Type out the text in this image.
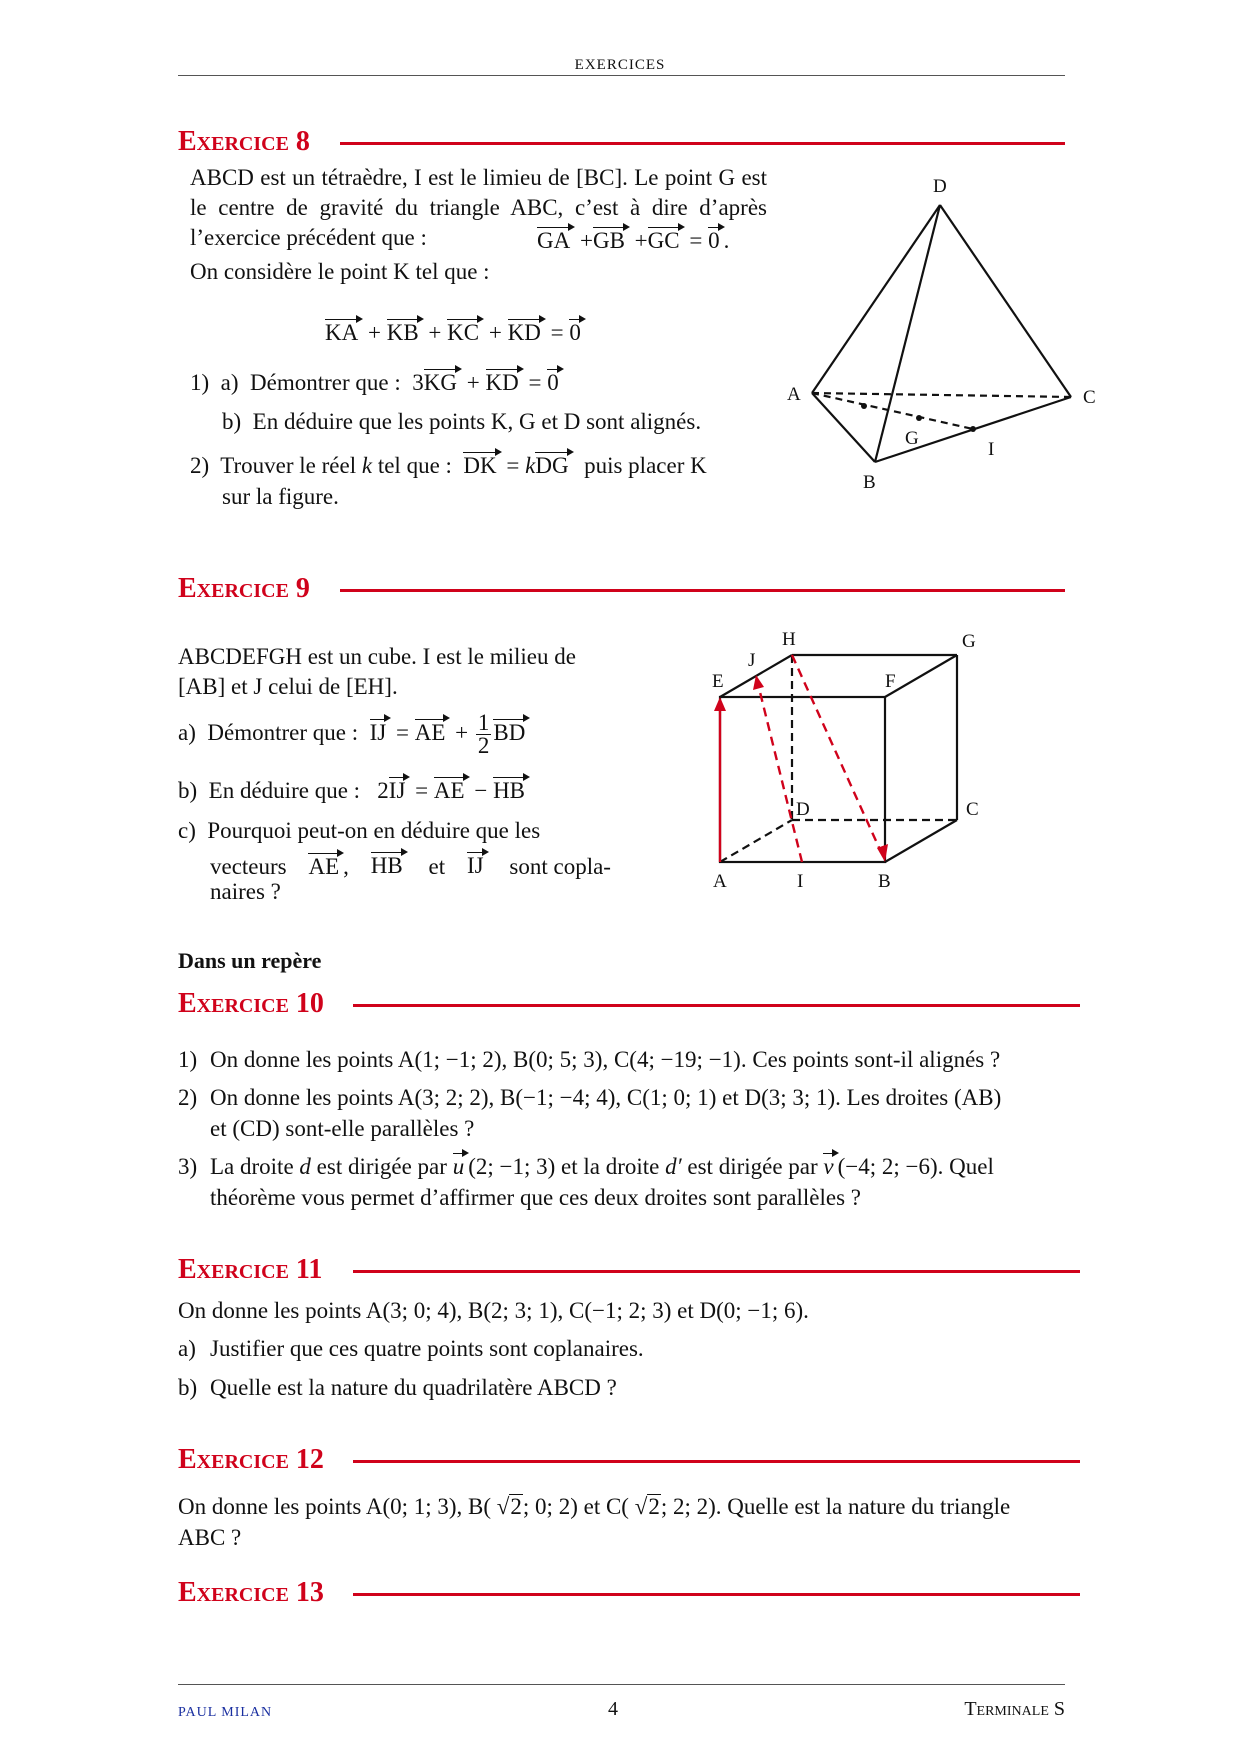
EXERCICES
Exercice 8
ABCD est un tétraèdre, I est le limieu de [BC]. Le point G est le centre de gravité du triangle ABC, c’est à dire d’après l’exercice précédent que :	GA +GB +GC = 0 .
On considère le point K tel que :
KA + KB + KC + KD = 0
1) a) Démontrer que : 3KG + KD = 0
b) En déduire que les points K, G et D sont alignés.
2) Trouver le réel k tel que : DK = kDG puis placer K
sur la figure.
D
A	C
B
G
I
Exercice 9
ABCDEFGH est un cube. I est le milieu de [AB] et J celui de [EH].
a) Démontrer que : IJ = AE + $\frac{1}{2}$ BD
b) En déduire que : 2IJ = AE − HB
c) Pourquoi peut-on en déduire que les
vecteurs AE , HB et IJ sont copla-
naires ?
H	G
J
E	F
D	C
A	I	B
Dans un repère
Exercice 10
1) On donne les points A(1; −1; 2), B(0; 5; 3), C(4; −19; −1). Ces points sont-il alignés ?
2) On donne les points A(3; 2; 2), B(−1; −4; 4), C(1; 0; 1) et D(3; 3; 1). Les droites (AB)
et (CD) sont-elle parallèles ?
3) La droite d est dirigée par u (2; −1; 3) et la droite d′ est dirigée par v (−4; 2; −6). Quel
théorème vous permet d’affirmer que ces deux droites sont parallèles ?
Exercice 11
On donne les points A(3; 0; 4), B(2; 3; 1), C(−1; 2; 3) et D(0; −1; 6).
a) Justifier que ces quatre points sont coplanaires.
b) Quelle est la nature du quadrilatère ABCD ?
Exercice 12
On donne les points A(0; 1; 3), B( √2; 0; 2) et C( √2; 2; 2). Quelle est la nature du triangle
ABC ?
Exercice 13
PAUL MILAN	4	Terminale S
